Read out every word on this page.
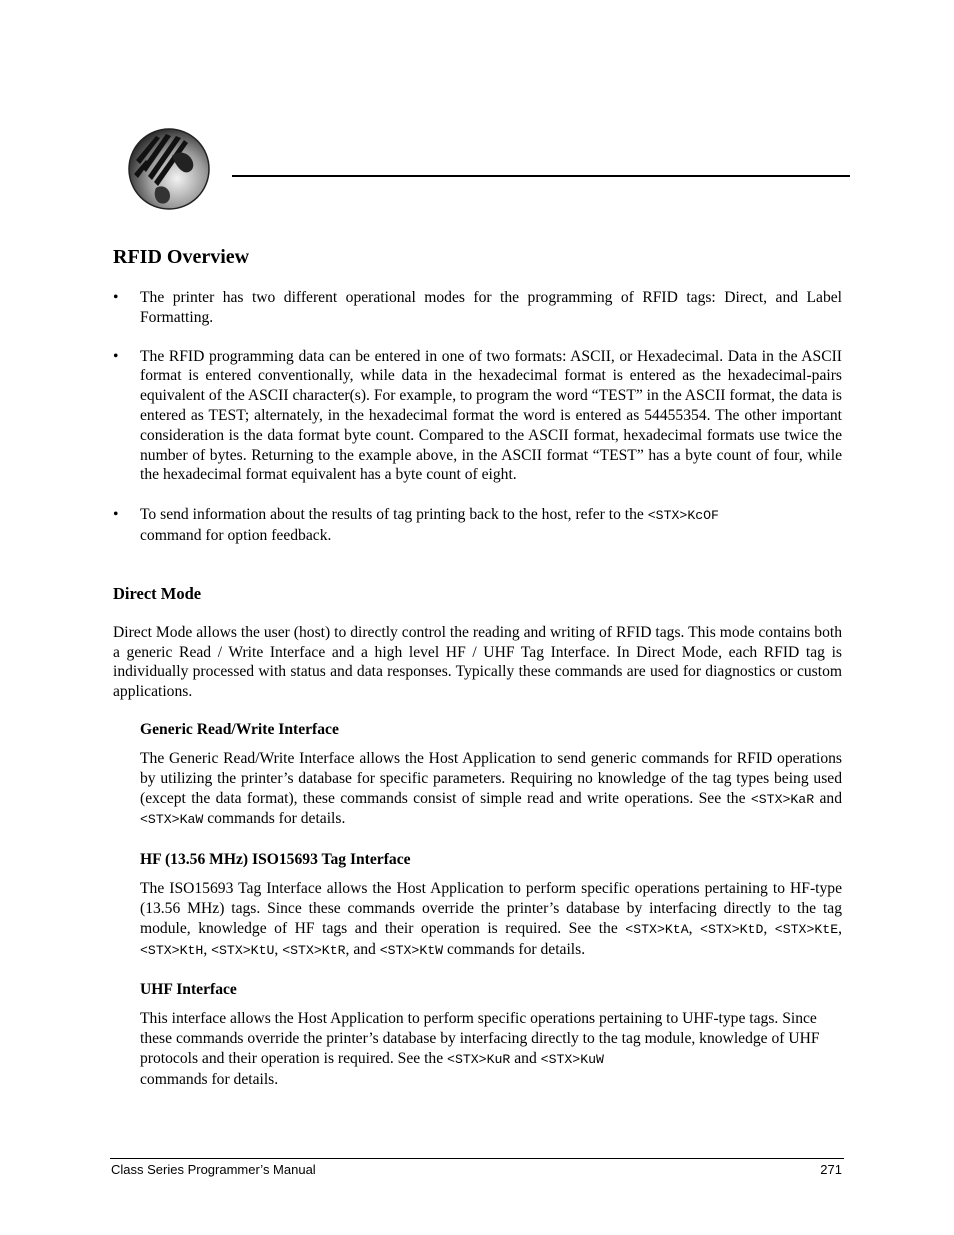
RFID Overview
• The printer has two different operational modes for the programming of RFID tags: Direct, and Label Formatting.
• The RFID programming data can be entered in one of two formats: ASCII, or Hexadecimal. Data in the ASCII format is entered conventionally, while data in the hexadecimal format is entered as the hexadecimal-pairs equivalent of the ASCII character(s). For example, to program the word “TEST” in the ASCII format, the data is entered as TEST; alternately, in the hexadecimal format the word is entered as 54455354. The other important consideration is the data format byte count. Compared to the ASCII format, hexadecimal formats use twice the number of bytes. Returning to the example above, in the ASCII format “TEST” has a byte count of four, while the hexadecimal format equivalent has a byte count of eight.
• To send information about the results of tag printing back to the host, refer to the <STX>KcOF
command for option feedback.
Direct Mode

Direct Mode allows the user (host) to directly control the reading and writing of RFID tags. This mode contains both a generic Read / Write Interface and a high level HF / UHF Tag Interface. In Direct Mode, each RFID tag is individually processed with status and data responses. Typically these commands are used for diagnostics or custom applications.

Generic Read/Write Interface

The Generic Read/Write Interface allows the Host Application to send generic commands for RFID operations by utilizing the printer’s database for specific parameters. Requiring no knowledge of the tag types being used (except the data format), these commands consist of simple read and write operations. See the <STX>KaR and <STX>KaW commands for details.

HF (13.56 MHz) ISO15693 Tag Interface

The ISO15693 Tag Interface allows the Host Application to perform specific operations pertaining to HF-type (13.56 MHz) tags. Since these commands override the printer’s database by interfacing directly to the tag module, knowledge of HF tags and their operation is required. See the <STX>KtA, <STX>KtD, <STX>KtE, <STX>KtH, <STX>KtU, <STX>KtR, and <STX>KtW commands for details.

UHF Interface

This interface allows the Host Application to perform specific operations pertaining to UHF-type tags. Since these commands override the printer’s database by interfacing directly to the tag module, knowledge of UHF protocols and their operation is required. See the <STX>KuR and <STX>KuW
commands for details.

Class Series Programmer’s Manual	271
